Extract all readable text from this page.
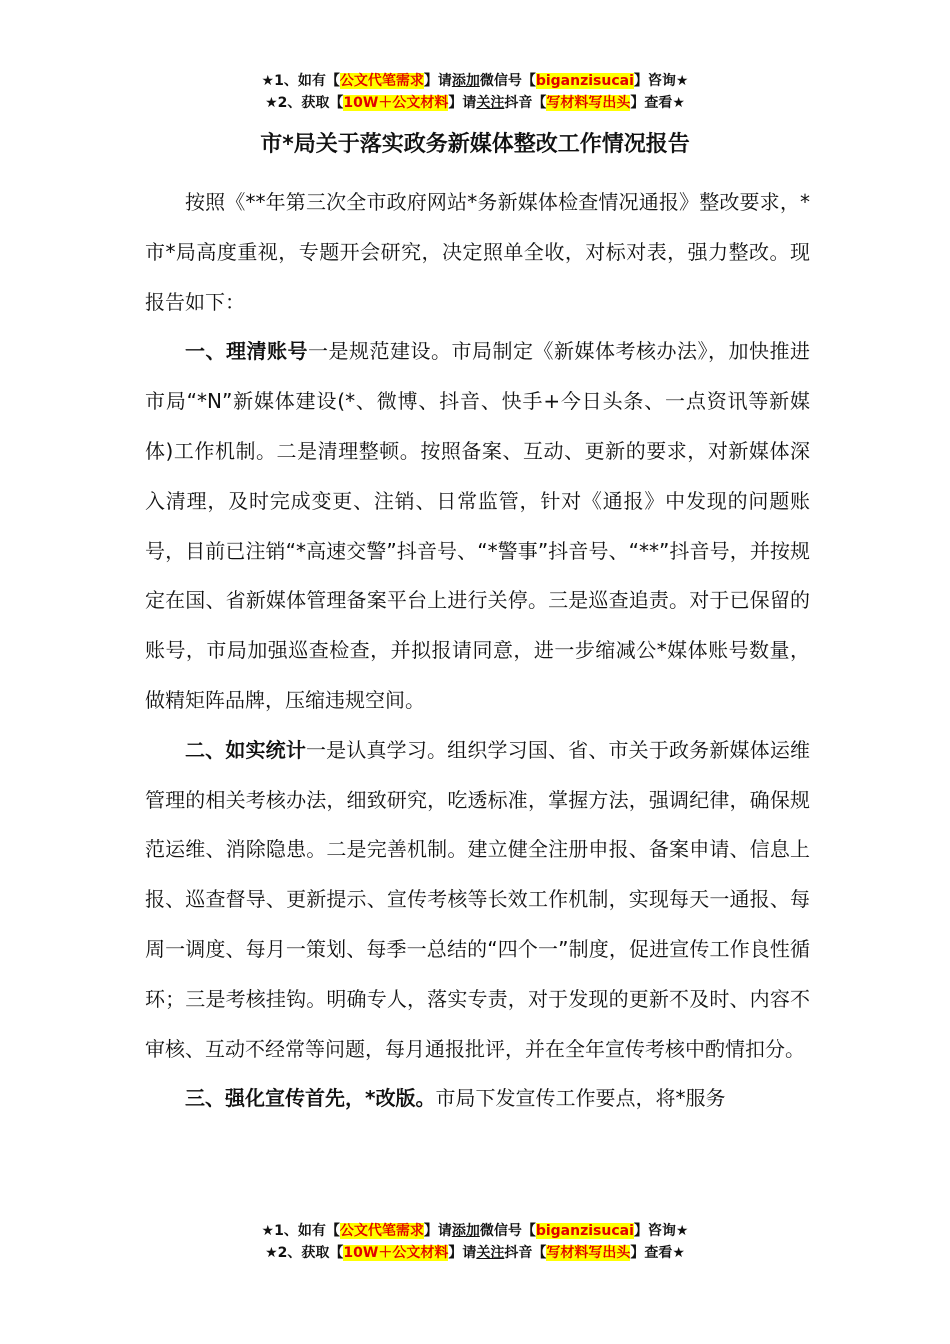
★1、如有【公文代笔需求】请添加微信号【biganzisucai】咨询★
★2、获取【10W＋公文材料】请关注抖音【写材料写出头】查看★
市*局关于落实政务新媒体整改工作情况报告

按照《**年第三次全市政府网站*务新媒体检查情况通报》整改要求，*市*局高度重视，专题开会研究，决定照单全收，对标对表，强力整改。现报告如下：

一、理清账号一是规范建设。市局制定《新媒体考核办法》，加快推进市局“*N”新媒体建设(*、微博、抖音、快手+今日头条、一点资讯等新媒体)工作机制。二是清理整顿。按照备案、互动、更新的要求，对新媒体深入清理，及时完成变更、注销、日常监管，针对《通报》中发现的问题账号，目前已注销“*高速交警”抖音号、“*警事”抖音号、“**”抖音号，并按规定在国、省新媒体管理备案平台上进行关停。三是巡查追责。对于已保留的账号，市局加强巡查检查，并拟报请同意，进一步缩减公*媒体账号数量，做精矩阵品牌，压缩违规空间。

二、如实统计一是认真学习。组织学习国、省、市关于政务新媒体运维管理的相关考核办法，细致研究，吃透标准，掌握方法，强调纪律，确保规范运维、消除隐患。二是完善机制。建立健全注册申报、备案申请、信息上报、巡查督导、更新提示、宣传考核等长效工作机制，实现每天一通报、每周一调度、每月一策划、每季一总结的“四个一”制度，促进宣传工作良性循环；三是考核挂钩。明确专人，落实专责，对于发现的更新不及时、内容不审核、互动不经常等问题，每月通报批评，并在全年宣传考核中酌情扣分。

三、强化宣传首先，*改版。市局下发宣传工作要点，将*服务

★1、如有【公文代笔需求】请添加微信号【biganzisucai】咨询★
★2、获取【10W＋公文材料】请关注抖音【写材料写出头】查看★
